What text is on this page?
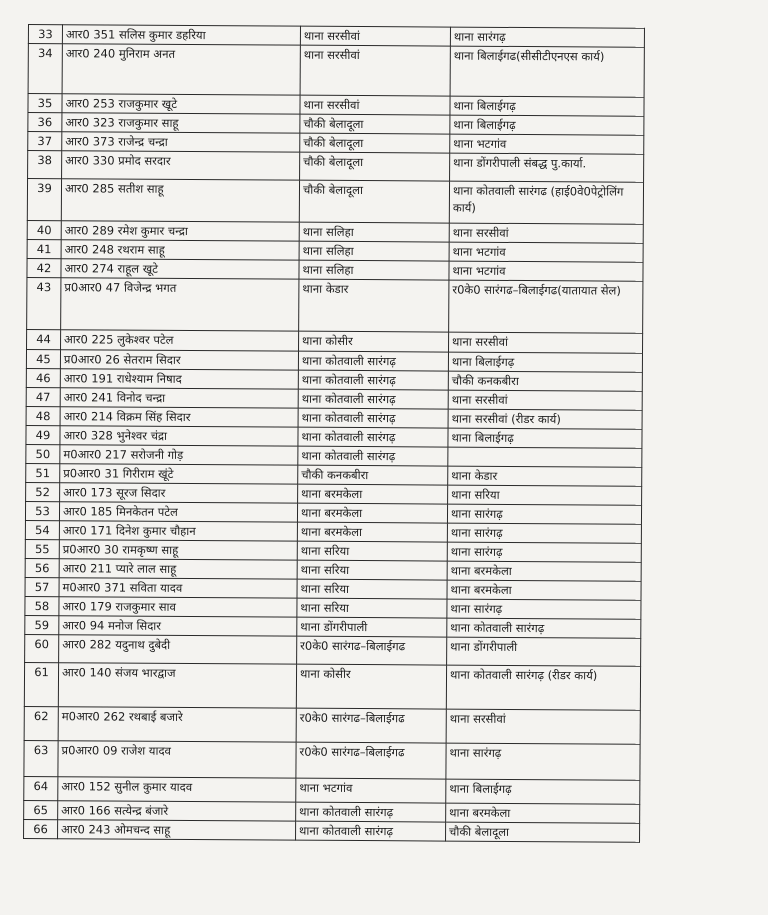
33	आर0 351 सलिस कुमार डहरिया	थाना सरसीवां	थाना सारंगढ़
34	आर0 240 मुनिराम अनत	थाना सरसीवां	थाना बिलाईगढ(सीसीटीएनएस कार्य)
35	आर0 253 राजकुमार खूटे	थाना सरसीवां	थाना बिलाईगढ़
36	आर0 323 राजकुमार साहू	चौकी बेलादूला	थाना बिलाईगढ़
37	आर0 373 राजेन्द्र चन्द्रा	चौकी बेलादूला	थाना भटगांव
38	आर0 330 प्रमोद सरदार	चौकी बेलादूला	थाना डोंगरीपाली संबद्ध पु.कार्या.
39	आर0 285 सतीश साहू	चौकी बेलादूला	थाना कोतवाली सारंगढ (हाई0वे0पेट्रोलिंग कार्य)
40	आर0 289 रमेश कुमार चन्द्रा	थाना सलिहा	थाना सरसीवां
41	आर0 248 रथराम साहू	थाना सलिहा	थाना भटगांव
42	आर0 274 राहूल खूटे	थाना सलिहा	थाना भटगांव
43	प्र0आर0 47 विजेन्द्र भगत	थाना केडार	र0के0 सारंगढ–बिलाईगढ(यातायात सेल)
44	आर0 225 लुकेश्वर पटेल	थाना कोसीर	थाना सरसीवां
45	प्र0आर0 26 सेतराम सिदार	थाना कोतवाली सारंगढ़	थाना बिलाईगढ़
46	आर0 191 राधेश्याम निषाद	थाना कोतवाली सारंगढ़	चौकी कनकबीरा
47	आर0 241 विनोद चन्द्रा	थाना कोतवाली सारंगढ़	थाना सरसीवां
48	आर0 214 विक्रम सिंह सिदार	थाना कोतवाली सारंगढ़	थाना सरसीवां (रीडर कार्य)
49	आर0 328 भुनेश्वर चंद्रा	थाना कोतवाली सारंगढ़	थाना बिलाईगढ़
50	म0आर0 217 सरोजनी गोड़	थाना कोतवाली सारंगढ़	
51	प्र0आर0 31 गिरीराम खूंटे	चौकी कनकबीरा	थाना केडार
52	आर0 173 सूरज सिदार	थाना बरमकेला	थाना सरिया
53	आर0 185 मिनकेतन पटेल	थाना बरमकेला	थाना सारंगढ़
54	आर0 171 दिनेश कुमार चौहान	थाना बरमकेला	थाना सारंगढ़
55	प्र0आर0 30 रामकृष्ण साहू	थाना सरिया	थाना सारंगढ़
56	आर0 211 प्यारे लाल साहू	थाना सरिया	थाना बरमकेला
57	म0आर0 371 सविता यादव	थाना सरिया	थाना बरमकेला
58	आर0 179 राजकुमार साव	थाना सरिया	थाना सारंगढ़
59	आर0 94 मनोज सिदार	थाना डोंगरीपाली	थाना कोतवाली सारंगढ़
60	आर0 282 यदुनाथ दुबेदी	र0के0 सारंगढ–बिलाईगढ	थाना डोंगरीपाली
61	आर0 140 संजय भारद्वाज	थाना कोसीर	थाना कोतवाली सारंगढ़ (रीडर कार्य)
62	म0आर0 262 रथबाई बजारे	र0के0 सारंगढ–बिलाईगढ	थाना सरसीवां
63	प्र0आर0 09 राजेश यादव	र0के0 सारंगढ–बिलाईगढ	थाना सारंगढ़
64	आर0 152 सुनील कुमार यादव	थाना भटगांव	थाना बिलाईगढ़
65	आर0 166 सत्येन्द्र बंजारे	थाना कोतवाली सारंगढ़	थाना बरमकेला
66	आर0 243 ओमचन्द साहू	थाना कोतवाली सारंगढ़	चौकी बेलादूला
